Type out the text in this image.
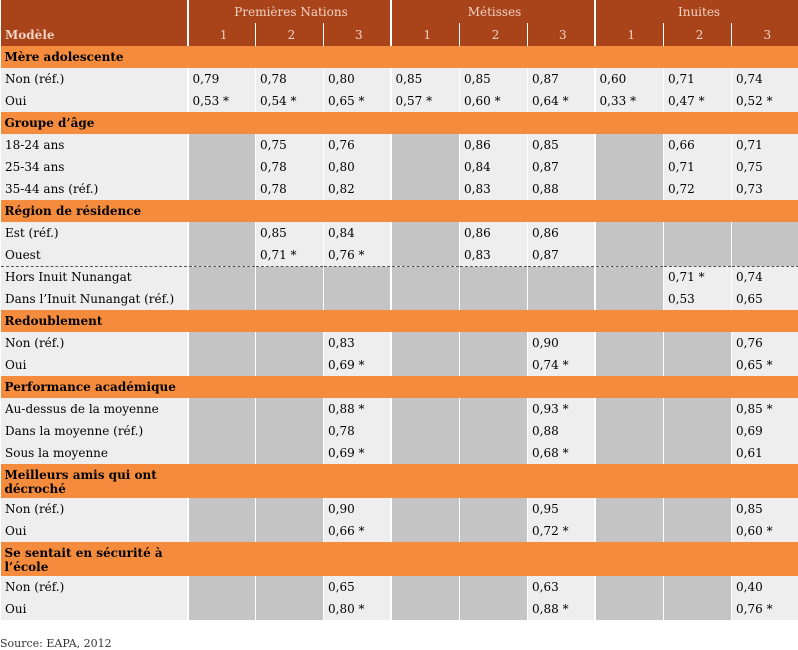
	Premières Nations			Métisses			Inuites		
Modèle	1	2	3	1	2	3	1	2	3
Mère adolescente									
Non (réf.)	0,79	0,78	0,80	0,85	0,85	0,87	0,60	0,71	0,74
Oui	0,53 *	0,54 *	0,65 *	0,57 *	0,60 *	0,64 *	0,33 *	0,47 *	0,52 *
Groupe d’âge									
18-24 ans		0,75	0,76		0,86	0,85		0,66	0,71
25-34 ans		0,78	0,80		0,84	0,87		0,71	0,75
35-44 ans (réf.)		0,78	0,82		0,83	0,88		0,72	0,73
Région de résidence									
Est (réf.)		0,85	0,84		0,86	0,86			
Ouest		0,71 *	0,76 *		0,83	0,87			
Hors Inuit Nunangat								0,71 *	0,74
Dans l’Inuit Nunangat (réf.)								0,53	0,65
Redoublement									
Non (réf.)			0,83			0,90			0,76
Oui			0,69 *			0,74 *			0,65 *
Performance académique									
Au-dessus de la moyenne			0,88 *			0,93 *			0,85 *
Dans la moyenne (réf.)			0,78			0,88			0,69
Sous la moyenne			0,69 *			0,68 *			0,61

Meilleurs amis qui ont décroché									

Non (réf.)			0,90			0,95			0,85
Oui			0,66 *			0,72 *			0,60 *

Se sentait en sécurité à l’école									

Non (réf.)			0,65			0,63			0,40
Oui			0,80 *			0,88 *			0,76 *
Source: EAPA, 2012
